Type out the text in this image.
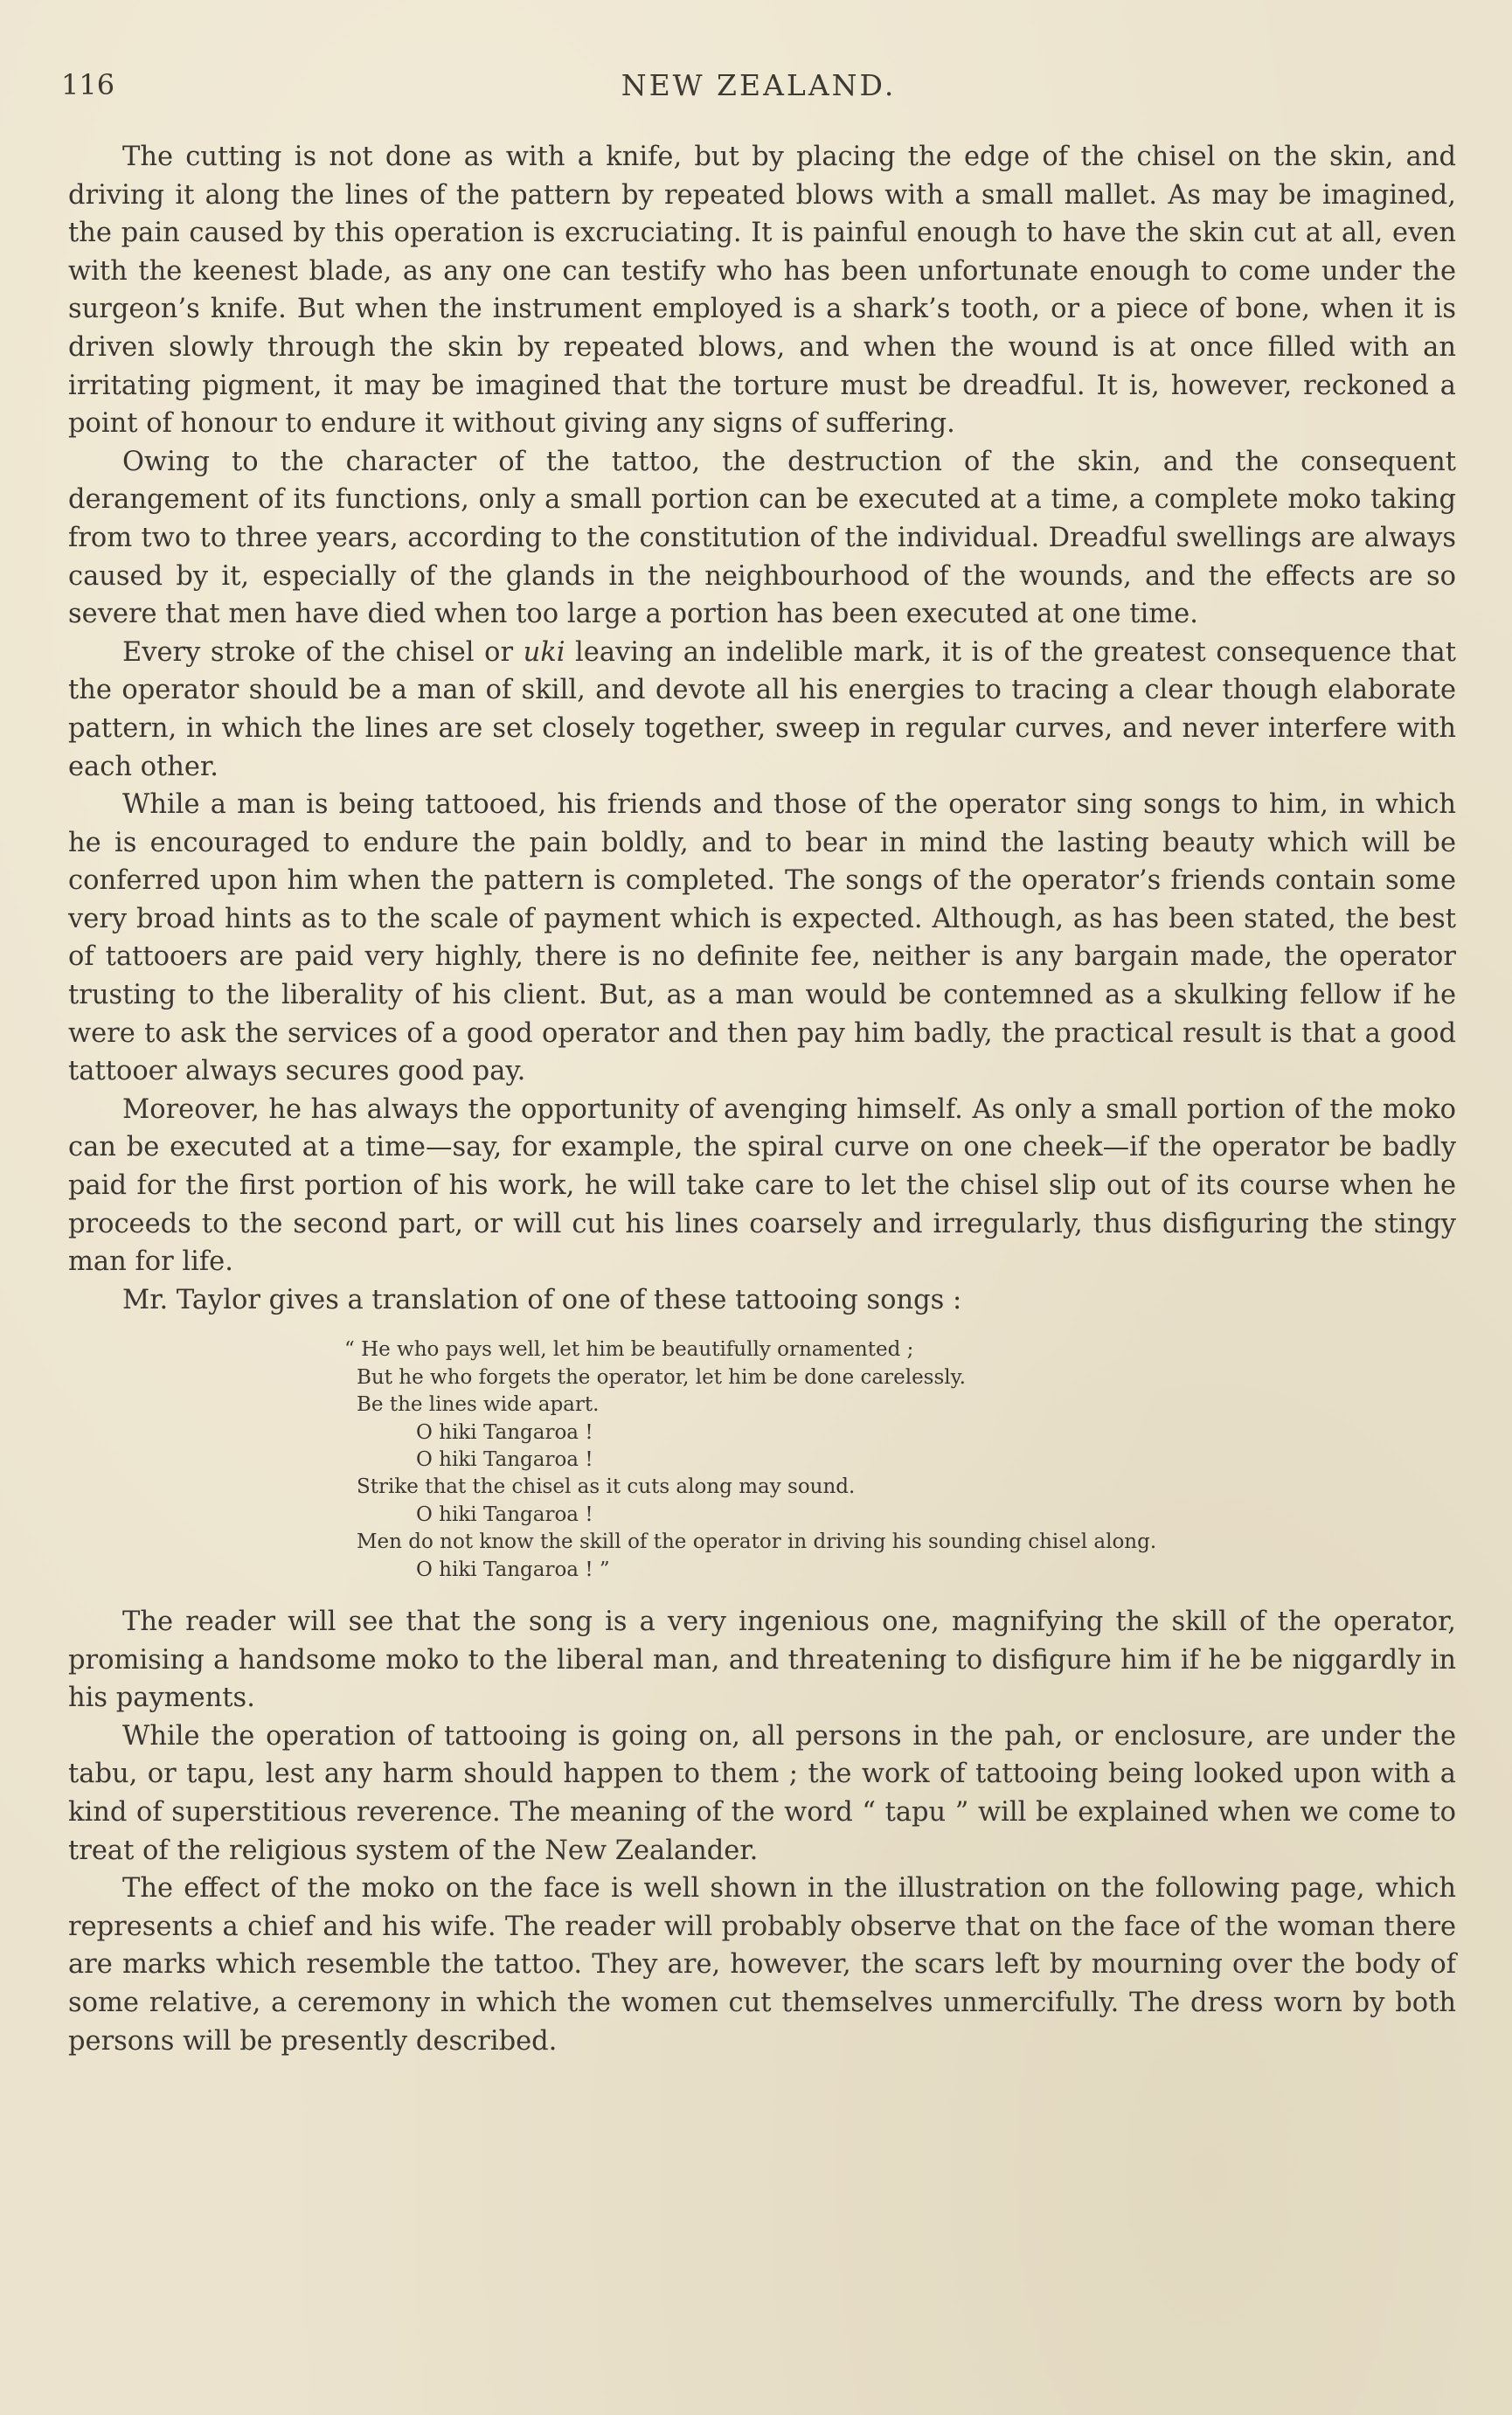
116	NEW ZEALAND.

The cutting is not done as with a knife, but by placing the edge of the chisel on the skin, and driving it along the lines of the pattern by repeated blows with a small mallet. As may be imagined, the pain caused by this operation is excruciating. It is painful enough to have the skin cut at all, even with the keenest blade, as any one can testify who has been unfortunate enough to come under the surgeon’s knife. But when the instrument employed is a shark’s tooth, or a piece of bone, when it is driven slowly through the skin by repeated blows, and when the wound is at once filled with an irritating pigment, it may be imagined that the torture must be dreadful. It is, however, reckoned a point of honour to endure it without giving any signs of suffering.

Owing to the character of the tattoo, the destruction of the skin, and the consequent derangement of its functions, only a small portion can be executed at a time, a complete moko taking from two to three years, according to the constitution of the individual. Dreadful swellings are always caused by it, especially of the glands in the neighbourhood of the wounds, and the effects are so severe that men have died when too large a portion has been executed at one time.

Every stroke of the chisel or uki leaving an indelible mark, it is of the greatest consequence that the operator should be a man of skill, and devote all his energies to tracing a clear though elaborate pattern, in which the lines are set closely together, sweep in regular curves, and never interfere with each other.

While a man is being tattooed, his friends and those of the operator sing songs to him, in which he is encouraged to endure the pain boldly, and to bear in mind the lasting beauty which will be conferred upon him when the pattern is completed. The songs of the operator’s friends contain some very broad hints as to the scale of payment which is expected. Although, as has been stated, the best of tattooers are paid very highly, there is no definite fee, neither is any bargain made, the operator trusting to the liberality of his client. But, as a man would be contemned as a skulking fellow if he were to ask the services of a good operator and then pay him badly, the practical result is that a good tattooer always secures good pay.

Moreover, he has always the opportunity of avenging himself. As only a small portion of the moko can be executed at a time—say, for example, the spiral curve on one cheek—if the operator be badly paid for the first portion of his work, he will take care to let the chisel slip out of its course when he proceeds to the second part, or will cut his lines coarsely and irregularly, thus disfiguring the stingy man for life.

Mr. Taylor gives a translation of one of these tattooing songs :

“ He who pays well, let him be beautifully ornamented ;
But he who forgets the operator, let him be done carelessly.
Be the lines wide apart.
O hiki Tangaroa !
O hiki Tangaroa !
Strike that the chisel as it cuts along may sound.
O hiki Tangaroa !
Men do not know the skill of the operator in driving his sounding chisel along.
O hiki Tangaroa ! ”

The reader will see that the song is a very ingenious one, magnifying the skill of the operator, promising a handsome moko to the liberal man, and threatening to disfigure him if he be niggardly in his payments.

While the operation of tattooing is going on, all persons in the pah, or enclosure, are under the tabu, or tapu, lest any harm should happen to them ; the work of tattooing being looked upon with a kind of superstitious reverence. The meaning of the word “ tapu ” will be explained when we come to treat of the religious system of the New Zealander.

The effect of the moko on the face is well shown in the illustration on the following page, which represents a chief and his wife. The reader will probably observe that on the face of the woman there are marks which resemble the tattoo. They are, however, the scars left by mourning over the body of some relative, a ceremony in which the women cut themselves unmercifully. The dress worn by both persons will be presently described.
